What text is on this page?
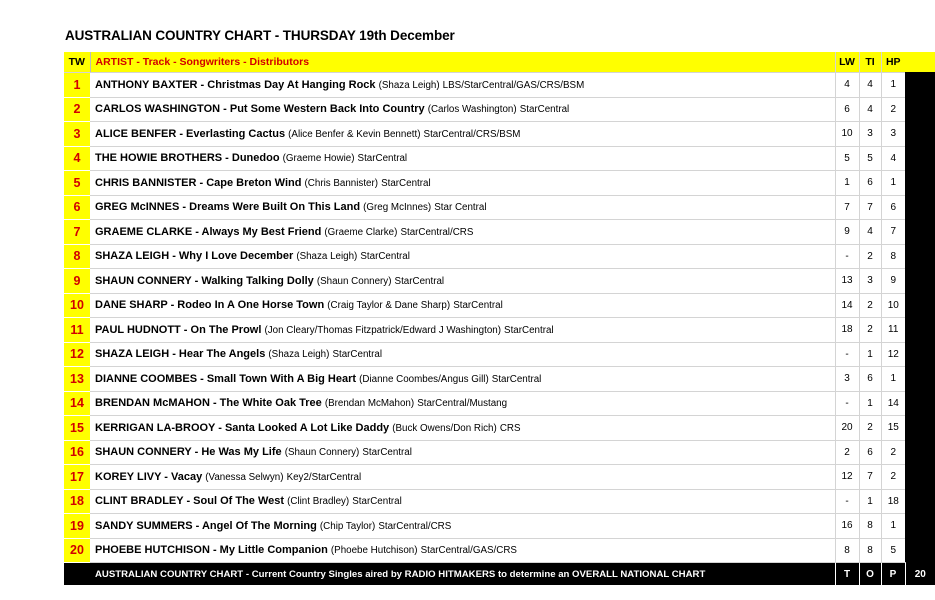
AUSTRALIAN COUNTRY CHART - THURSDAY 19th December
TW	ARTIST - Track - Songwriters - Distributors	LW	TI	HP	
1	ANTHONY BAXTER - Christmas Day At Hanging Rock (Shaza Leigh) LBS/StarCentral/GAS/CRS/BSM	4	4	1	
2	CARLOS WASHINGTON - Put Some Western Back Into Country (Carlos Washington) StarCentral	6	4	2	
3	ALICE BENFER - Everlasting Cactus (Alice Benfer & Kevin Bennett) StarCentral/CRS/BSM	10	3	3	
4	THE HOWIE BROTHERS - Dunedoo (Graeme Howie) StarCentral	5	5	4	
5	CHRIS BANNISTER - Cape Breton Wind (Chris Bannister) StarCentral	1	6	1	
6	GREG McINNES - Dreams Were Built On This Land (Greg McInnes) Star Central	7	7	6	
7	GRAEME CLARKE - Always My Best Friend (Graeme Clarke) StarCentral/CRS	9	4	7	
8	SHAZA LEIGH - Why I Love December (Shaza Leigh) StarCentral	-	2	8	
9	SHAUN CONNERY - Walking Talking Dolly (Shaun Connery) StarCentral	13	3	9	
10	DANE SHARP - Rodeo In A One Horse Town (Craig Taylor & Dane Sharp) StarCentral	14	2	10	
11	PAUL HUDNOTT - On The Prowl (Jon Cleary/Thomas Fitzpatrick/Edward J Washington) StarCentral	18	2	11	
12	SHAZA LEIGH - Hear The Angels (Shaza Leigh) StarCentral	-	1	12	
13	DIANNE COOMBES - Small Town With A Big Heart (Dianne Coombes/Angus Gill) StarCentral	3	6	1	
14	BRENDAN McMAHON - The White Oak Tree (Brendan McMahon) StarCentral/Mustang	-	1	14	
15	KERRIGAN LA-BROOY - Santa Looked A Lot Like Daddy (Buck Owens/Don Rich) CRS	20	2	15	
16	SHAUN CONNERY - He Was My Life (Shaun Connery) StarCentral	2	6	2	
17	KOREY LIVY - Vacay (Vanessa Selwyn) Key2/StarCentral	12	7	2	
18	CLINT BRADLEY - Soul Of The West (Clint Bradley) StarCentral	-	1	18	
19	SANDY SUMMERS - Angel Of The Morning (Chip Taylor) StarCentral/CRS	16	8	1	
20	PHOEBE HUTCHISON - My Little Companion (Phoebe Hutchison) StarCentral/GAS/CRS	8	8	5	
	AUSTRALIAN COUNTRY CHART - Current Country Singles aired by RADIO HITMAKERS to determine an OVERALL NATIONAL CHART	T	O	P	20
